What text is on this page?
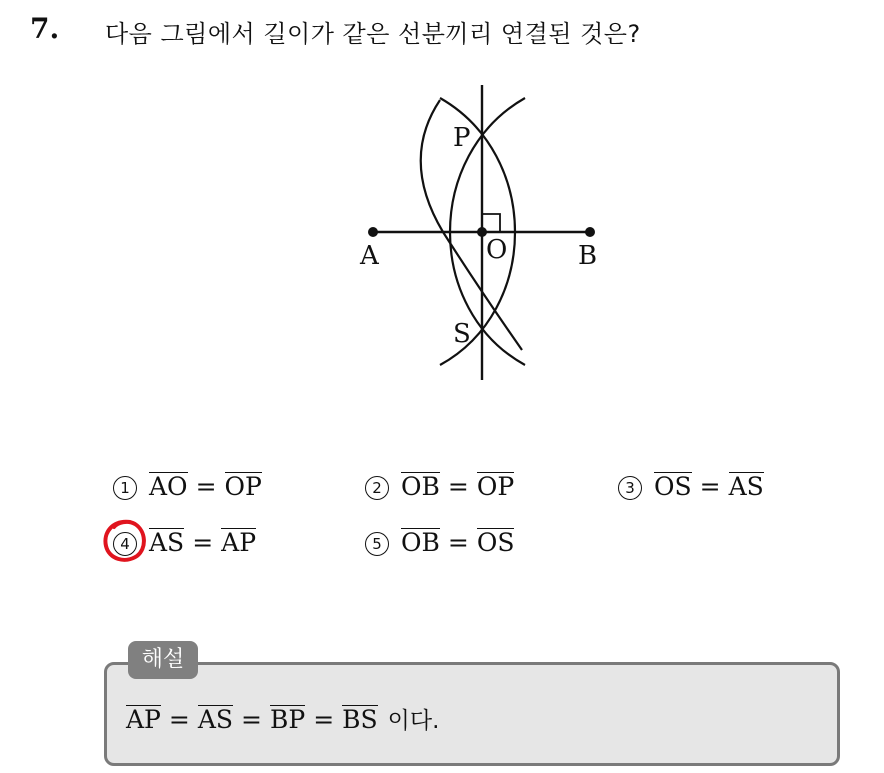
7. 다음 그림에서 길이가 같은 선분끼리 연결된 것은?
A	B
O
P
S
1 AO = OP	2 OB = OP	3 OS = AS
4 AS = AP	5 OB = OS
해설
AP = AS = BP = BS 이다.
